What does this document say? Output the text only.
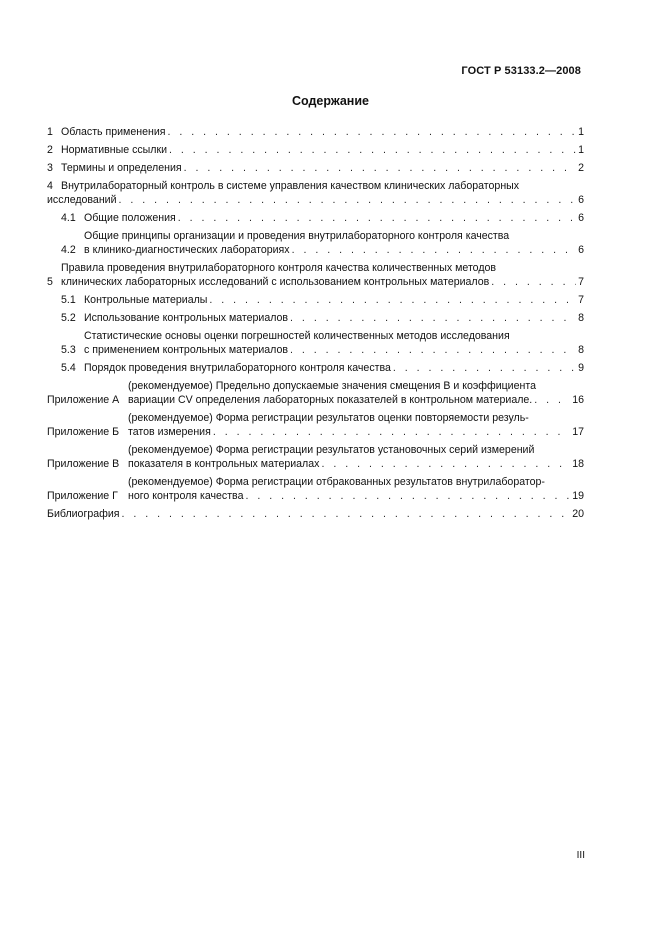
ГОСТ Р 53133.2—2008
Содержание
1 Область применения . . .	1
2 Нормативные ссылки . . .	1
3 Термины и определения . . .	2
4 Внутрилабораторный контроль в системе управления качеством клинических лабораторных
исследований . . .	6
4.1 Общие положения . . .	6
4.2
Общие принципы организации и проведения внутрилабораторного контроля качества
в клинико-диагностических лабораториях . . .	6
5
Правила проведения внутрилабораторного контроля качества количественных методов
клинических лабораторных исследований с использованием контрольных материалов . . .	7
5.1 Контрольные материалы . . .	7
5.2 Использование контрольных материалов . . .	8
5.3
Статистические основы оценки погрешностей количественных методов исследования
с применением контрольных материалов . . .	8
5.4 Порядок проведения внутрилабораторного контроля качества . . .	9
Приложение А
(рекомендуемое) Предельно допускаемые значения смещения B и коэффициента
вариации CV определения лабораторных показателей в контрольном материале. . . .	16
Приложение Б
(рекомендуемое) Форма регистрации результатов оценки повторяемости резуль-
татов измерения . . .	17
Приложение В
(рекомендуемое) Форма регистрации результатов установочных серий измерений
показателя в контрольных материалах . . .	18
Приложение Г
(рекомендуемое) Форма регистрации отбракованных результатов внутрилаборатор-
ного контроля качества . . .	19
Библиография . . .	20
III
